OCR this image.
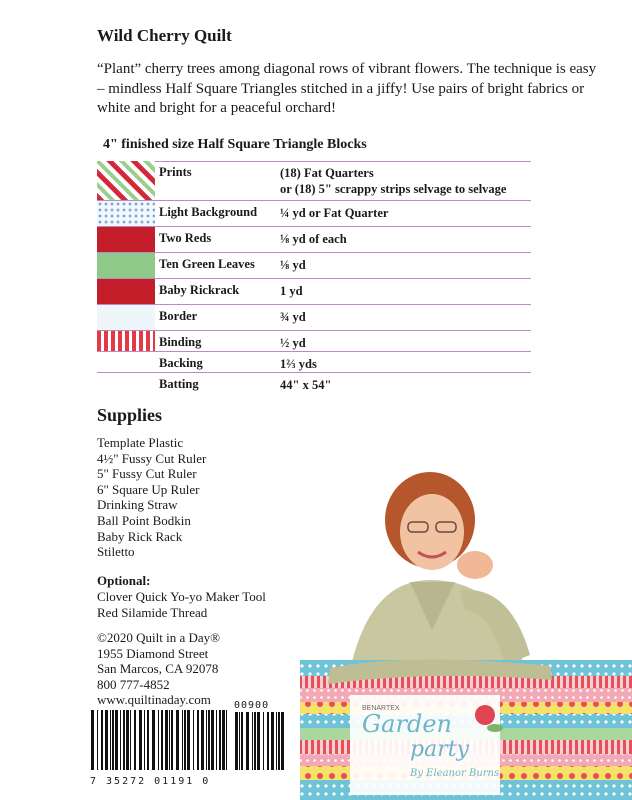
Wild Cherry Quilt
“Plant” cherry trees among diagonal rows of vibrant flowers. The technique is easy – mindless Half Square Triangles stitched in a jiffy! Use pairs of bright fabrics or white and bright for a peaceful orchard!
4" finished size Half Square Triangle Blocks
Prints	(18) Fat Quarters
or (18) 5" scrappy strips selvage to selvage
Light Background ¼ yd or Fat Quarter
Two Reds	⅛ yd of each
Ten Green Leaves ⅛ yd
Baby Rickrack	1 yd
Border	¾ yd
Binding	½ yd
Backing	1⅔ yds
Batting	44" x 54"
Supplies
Template Plastic
4½" Fussy Cut Ruler
5" Fussy Cut Ruler
6" Square Up Ruler
Drinking Straw
Ball Point Bodkin
Baby Rick Rack
Stiletto
Optional:
Clover Quick Yo-yo Maker Tool
Red Silamide Thread
©2020 Quilt in a Day®
1955 Diamond Street
San Marcos, CA 92078
800 777-4852
www.quiltinaday.com
7 35272 01191 0
00900	BENARTEX
Garden
party
By Eleanor Burns
